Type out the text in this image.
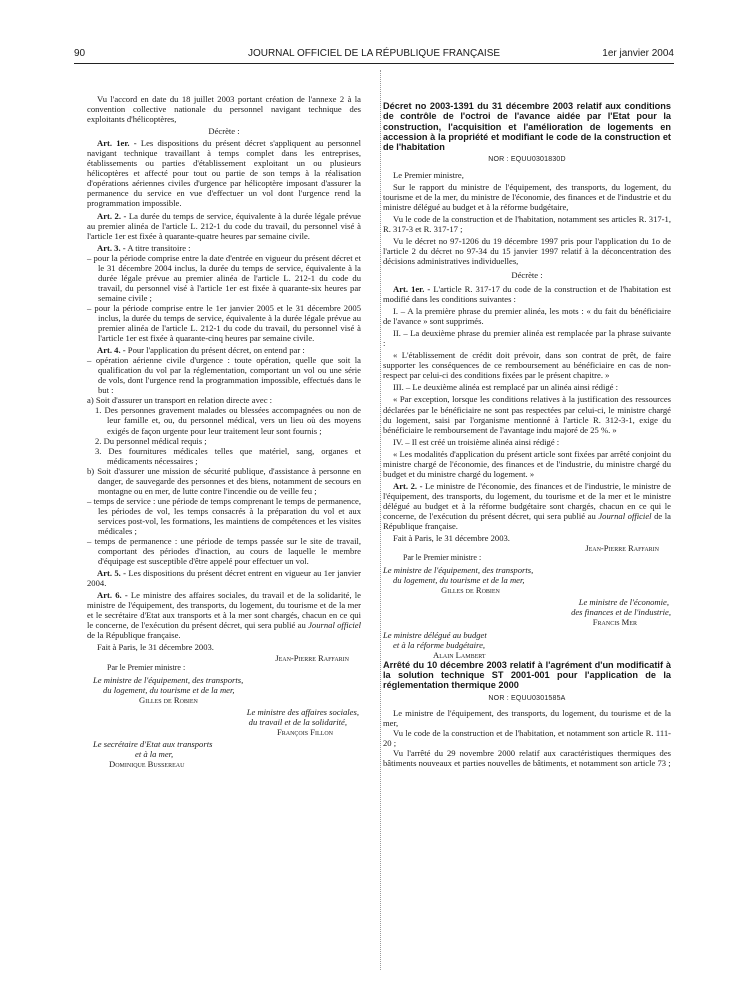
90	JOURNAL OFFICIEL DE LA RÉPUBLIQUE FRANÇAISE	1er janvier 2004

Vu l'accord en date du 18 juillet 2003 portant création de l'annexe 2 à la convention collective nationale du personnel navigant technique des exploitants d'hélicoptères,

Décrète :

Art. 1er. - Les dispositions du présent décret s'appliquent au personnel navigant technique travaillant à temps complet dans les entreprises, établissements ou parties d'établissement exploitant un ou plusieurs hélicoptères et affecté pour tout ou partie de son temps à la réalisation d'opérations aériennes civiles d'urgence par hélicoptère imposant d'assurer la permanence du service en vue d'effectuer un vol dont l'urgence rend la programmation impossible.

Art. 2. - La durée du temps de service, équivalente à la durée légale prévue au premier alinéa de l'article L. 212-1 du code du travail, du personnel visé à l'article 1er est fixée à quarante-quatre heures par semaine civile.

Art. 3. - A titre transitoire :

– pour la période comprise entre la date d'entrée en vigueur du présent décret et le 31 décembre 2004 inclus, la durée du temps de service, équivalente à la durée légale prévue au premier alinéa de l'article L. 212-1 du code du travail, du personnel visé à l'article 1er est fixée à quarante-six heures par semaine civile ;

– pour la période comprise entre le 1er janvier 2005 et le 31 décembre 2005 inclus, la durée du temps de service, équivalente à la durée légale prévue au premier alinéa de l'article L. 212-1 du code du travail, du personnel visé à l'article 1er est fixée à quarante-cinq heures par semaine civile.

Art. 4. - Pour l'application du présent décret, on entend par :

– opération aérienne civile d'urgence : toute opération, quelle que soit la qualification du vol par la réglementation, comportant un vol ou une série de vols, dont l'urgence rend la programmation impossible, effectués dans le but :

a) Soit d'assurer un transport en relation directe avec :

1. Des personnes gravement malades ou blessées accompagnées ou non de leur famille et, ou, du personnel médical, vers un lieu où des moyens exigés de façon urgente pour leur traitement leur sont fournis ;

2. Du personnel médical requis ;

3. Des fournitures médicales telles que matériel, sang, organes et médicaments nécessaires ;

b) Soit d'assurer une mission de sécurité publique, d'assistance à personne en danger, de sauvegarde des personnes et des biens, notamment de secours en montagne ou en mer, de lutte contre l'incendie ou de veille feu ;

– temps de service : une période de temps comprenant le temps de permanence, les périodes de vol, les temps consacrés à la préparation du vol et aux services post-vol, les formations, les maintiens de compétences et les visites médicales ;

– temps de permanence : une période de temps passée sur le site de travail, comportant des périodes d'inaction, au cours de laquelle le membre d'équipage est susceptible d'être appelé pour effectuer un vol.

Art. 5. - Les dispositions du présent décret entrent en vigueur au 1er janvier 2004.

Art. 6. - Le ministre des affaires sociales, du travail et de la solidarité, le ministre de l'équipement, des transports, du logement, du tourisme et de la mer et le secrétaire d'Etat aux transports et à la mer sont chargés, chacun en ce qui le concerne, de l'exécution du présent décret, qui sera publié au Journal officiel de la République française.

Fait à Paris, le 31 décembre 2003.

Jean-Pierre Raffarin

Par le Premier ministre :

Le ministre de l'équipement, des transports,

du logement, du tourisme et de la mer,

Gilles de Robien

Le ministre des affaires sociales,

du travail et de la solidarité,

François Fillon

Le secrétaire d'Etat aux transports

et à la mer,

Dominique Bussereau

Décret no 2003-1391 du 31 décembre 2003 relatif aux conditions de contrôle de l'octroi de l'avance aidée par l'Etat pour la construction, l'acquisition et l'amélioration de logements en accession à la propriété et modifiant le code de la construction et de l'habitation

NOR : EQUU0301830D

Le Premier ministre,

Sur le rapport du ministre de l'équipement, des transports, du logement, du tourisme et de la mer, du ministre de l'économie, des finances et de l'industrie et du ministre délégué au budget et à la réforme budgétaire,

Vu le code de la construction et de l'habitation, notamment ses articles R. 317-1, R. 317-3 et R. 317-17 ;

Vu le décret no 97-1206 du 19 décembre 1997 pris pour l'application du 1o de l'article 2 du décret no 97-34 du 15 janvier 1997 relatif à la déconcentration des décisions administratives individuelles,

Décrète :

Art. 1er. - L'article R. 317-17 du code de la construction et de l'habitation est modifié dans les conditions suivantes :

I. – A la première phrase du premier alinéa, les mots : « du fait du bénéficiaire de l'avance » sont supprimés.

II. – La deuxième phrase du premier alinéa est remplacée par la phrase suivante :

« L'établissement de crédit doit prévoir, dans son contrat de prêt, de faire supporter les conséquences de ce remboursement au bénéficiaire en cas de non-respect par celui-ci des conditions fixées par le présent chapitre. »

III. – Le deuxième alinéa est remplacé par un alinéa ainsi rédigé :

« Par exception, lorsque les conditions relatives à la justification des ressources déclarées par le bénéficiaire ne sont pas respectées par celui-ci, le ministre chargé du logement, saisi par l'organisme mentionné à l'article R. 312-3-1, exige du bénéficiaire le remboursement de l'avantage indu majoré de 25 %. »

IV. – Il est créé un troisième alinéa ainsi rédigé :

« Les modalités d'application du présent article sont fixées par arrêté conjoint du ministre chargé de l'économie, des finances et de l'industrie, du ministre chargé du budget et du ministre chargé du logement. »

Art. 2. - Le ministre de l'économie, des finances et de l'industrie, le ministre de l'équipement, des transports, du logement, du tourisme et de la mer et le ministre délégué au budget et à la réforme budgétaire sont chargés, chacun en ce qui le concerne, de l'exécution du présent décret, qui sera publié au Journal officiel de la République française.

Fait à Paris, le 31 décembre 2003.

Jean-Pierre Raffarin

Par le Premier ministre :

Le ministre de l'équipement, des transports,

du logement, du tourisme et de la mer,

Gilles de Robien

Le ministre de l'économie,

des finances et de l'industrie,

Francis Mer

Le ministre délégué au budget

et à la réforme budgétaire,

Alain Lambert

Arrêté du 10 décembre 2003 relatif à l'agrément d'un modificatif à la solution technique ST 2001-001 pour l'application de la réglementation thermique 2000

NOR : EQUU0301585A

Le ministre de l'équipement, des transports, du logement, du tourisme et de la mer,

Vu le code de la construction et de l'habitation, et notamment son article R. 111-20 ;

Vu l'arrêté du 29 novembre 2000 relatif aux caractéristiques thermiques des bâtiments nouveaux et parties nouvelles de bâtiments, et notamment son article 73 ;
